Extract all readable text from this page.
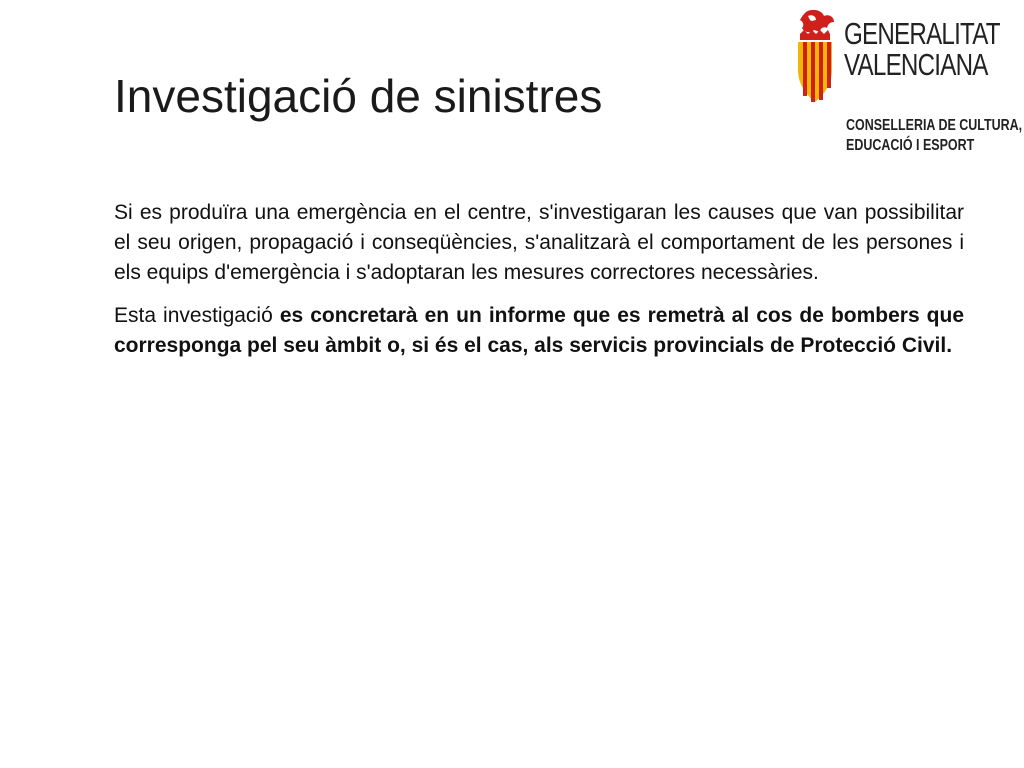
Investigació de sinistres
GENERALITAT
VALENCIANA
CONSELLERIA DE CULTURA,
EDUCACIÓ I ESPORT

Si es produïra una emergència en el centre, s'investigaran les causes que van possibilitar el seu origen, propagació i conseqüències, s'analitzarà el comportament de les persones i els equips d'emergència i s'adoptaran les mesures correctores necessàries.

Esta investigació es concretarà en un informe que es remetrà al cos de bombers que corresponga pel seu àmbit o, si és el cas, als servicis provincials de Protecció Civil.
